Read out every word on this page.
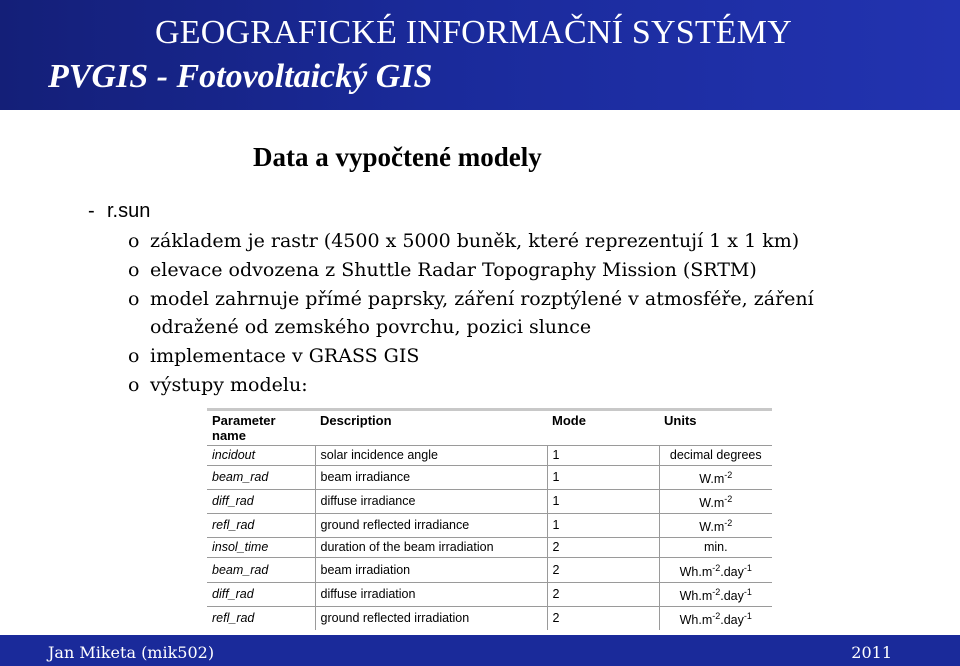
GEOGRAFICKÉ INFORMAČNÍ SYSTÉMY
PVGIS - Fotovoltaický GIS
Data a vypočtené modely
- r.sun
o základem je rastr (4500 x 5000 buněk, které reprezentují 1 x 1 km)
o elevace odvozena z Shuttle Radar Topography Mission (SRTM)
o model zahrnuje přímé paprsky, záření rozptýlené v atmosféře, záření
odražené od zemského povrchu, pozici slunce
o implementace v GRASS GIS
o výstupy modelu:
Parameter name	Description	Mode	Units
incidout	solar incidence angle	1	decimal degrees
beam_rad	beam irradiance	1	$W.m^{-2}$
diff_rad	diffuse irradiance	1	$W.m^{-2}$
refl_rad	ground reflected irradiance	1	$W.m^{-2}$
insol_time	duration of the beam irradiation	2	min.
beam_rad	beam irradiation	2	$Wh.m^{-2}.day^{-1}$
diff_rad	diffuse irradiation	2	$Wh.m^{-2}.day^{-1}$
refl_rad	ground reflected irradiation	2	$Wh.m^{-2}.day^{-1}$
Jan Miketa (mik502)	2011
